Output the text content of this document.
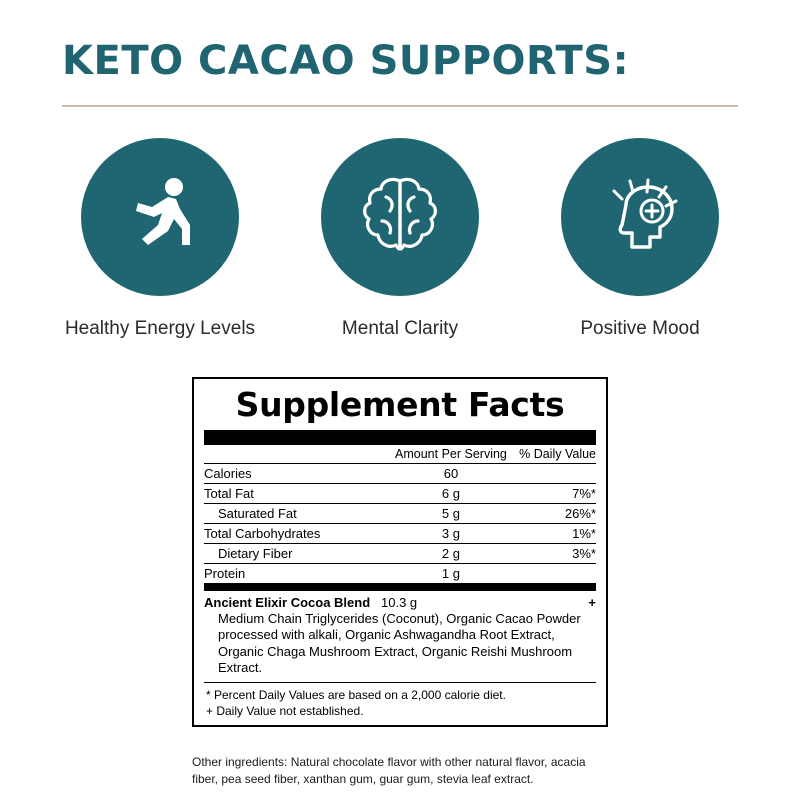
KETO CACAO SUPPORTS:
Healthy Energy Levels	Mental Clarity	Positive Mood
Supplement Facts
	Amount Per Serving	% Daily Value
Calories	60	
Total Fat	6 g	7%*
Saturated Fat	5 g	26%*
Total Carbohydrates	3 g	1%*
Dietary Fiber	2 g	3%*
Protein	1 g	
Ancient Elixir Cocoa Blend 10.3 g	+
Medium Chain Triglycerides (Coconut), Organic Cacao Powder processed with alkali, Organic Ashwagandha Root Extract, Organic Chaga Mushroom Extract, Organic Reishi Mushroom Extract.
* Percent Daily Values are based on a 2,000 calorie diet.
+ Daily Value not established.
Other ingredients: Natural chocolate flavor with other natural flavor, acacia fiber, pea seed fiber, xanthan gum, guar gum, stevia leaf extract.
